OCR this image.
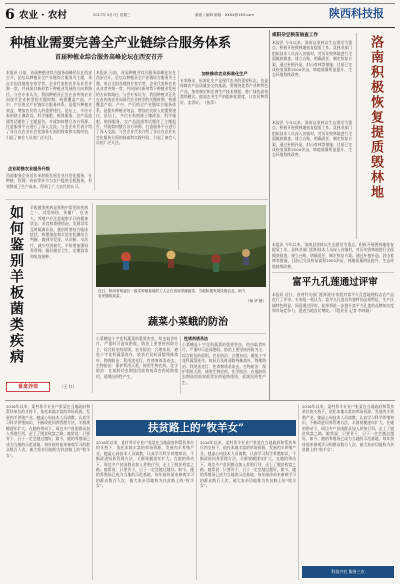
6 农业 · 农村	2017年 5月7日 星期三	版面 / 编辑 邮箱：XXXX@163.com	陕西科技报
种植业需要完善全产业链综合服务体系
首届种植业综合服务高峰论坛在西安召开
本报讯 日前，首届种植业综合服务高峰论坛在西安召开。论坛以种植业全产业链综合服务为主题，来自全国各地的专家学者、企业代表和农业从业者齐聚一堂，共同探讨新形势下种植业发展的方向和路径。与会专家认为，我国种植业正处在由传统农业向现代农业转型的关键时期，构建覆盖产前、产中、产后的全产业链综合服务体系，是提升种植业效益、增加农民收入的重要途径。论坛上，多位专家围绕土壤改良、科学施肥、植保服务、农产品流通等话题作了主题报告，并就如何整合各方资源、打造服务平台进行了深入交流。与会企业代表介绍了各自在农业社会化服务方面的探索和实践经验，引起了参会人员的广泛关注。
本报讯 日前，首届种植业综合服务高峰论坛在西安召开。论坛以种植业全产业链综合服务为主题，来自全国各地的专家学者、企业代表和农业从业者齐聚一堂，共同探讨新形势下种植业发展的方向和路径。与会专家认为，我国种植业正处在由传统农业向现代农业转型的关键时期，构建覆盖产前、产中、产后的全产业链综合服务体系，是提升种植业效益、增加农民收入的重要途径。论坛上，多位专家围绕土壤改良、科学施肥、植保服务、农产品流通等话题作了主题报告，并就如何整合各方资源、打造服务平台进行了深入交流。与会企业代表介绍了各自在农业社会化服务方面的探索和实践经验，引起了参会人员的广泛关注。
加快推动农业标准化生产
专家指出，标准化生产是现代农业的重要标志，也是保障农产品质量安全的基础。要围绕优势产业和特色产品，加快制定和完善生产技术规程，推广绿色高效栽培模式，提高农业生产的组织化程度，让农民种得好、卖得好。（张萍）
企业助推农业服务升级
西部服务企业近年来积极发展农业社会化服务，在种植、管理、收获等环节为农户提供全程服务，有效降低了生产成本，得到了广大农民的认可。
如何鉴别羊板菌类疾病 羊板菌类疾病是养殖中常见的疾病之一，其发病快、传播广、危害大。养殖户应注意观察羊只的精神状态、采食和粪便情况，发现异常及时隔离诊治。鉴别时要结合临床症状、病理剖检和实验室检测综合判断，做到早发现、早诊断、早治疗，减少经济损失。平时要加强饲养管理，搞好圈舍卫生，定期消毒和免疫接种。
畜禽养殖	（王 红）
近日，陕西省杨凌区一蔬菜种植基地的工人正在田间采摘蔬菜，当地积极发展设施农业，助力农民增收致富。
（杨 华 摄）
蔬菜小菜蛾的防治
小菜蛾是十字花科蔬菜的重要害虫，幼虫取食叶片，严重时可造成绝收。防治上要坚持预防为主、综合防治的原则。农业防治：合理布局，避免十字花科蔬菜连作，收获后及时清除残株落叶。物理防治：利用黑光灯、性诱剂诱杀成虫。生物防治：保护利用天敌，使用生物农药。化学防治：在低龄幼虫期选用高效低毒农药轮换使用，延缓抗药性产生。
性诱剂诱杀法
小菜蛾是十字花科蔬菜的重要害虫，幼虫取食叶片，严重时可造成绝收。防治上要坚持预防为主、综合防治的原则。农业防治：合理布局，避免十字花科蔬菜连作，收获后及时清除残株落叶。物理防治：利用黑光灯、性诱剂诱杀成虫。生物防治：保护利用天敌，使用生物农药。化学防治：在低龄幼虫期选用高效低毒农药轮换使用，延缓抗药性产生。
咸阳杂豆秧苗抽查工作
本报讯 今年以来，洛南县坚持以生态建设为重点，积极开展毁林地恢复提质工作。县林业部门组织技术人员深入各镇村，对历年毁林地进行全面摸底排查，建立台账，明确责任，制定恢复方案。通过补植补造、封山育林等措施，目前已完成恢复面积2000余亩，林地质量明显提升，生态环境持续改善。	洛南积极恢复提质毁林地
本报讯 今年以来，洛南县坚持以生态建设为重点，积极开展毁林地恢复提质工作。县林业部门组织技术人员深入各镇村，对历年毁林地进行全面摸底排查，建立台账，明确责任，制定恢复方案。通过补植补造、封山育林等措施，目前已完成恢复面积2000余亩，林地质量明显提升，生态环境持续改善。
本报讯 今年以来，洛南县坚持以生态建设为重点，积极开展毁林地恢复提质工作。县林业部门组织技术人员深入各镇村，对历年毁林地进行全面摸底排查，建立台账，明确责任，制定恢复方案。通过补植补造、封山育林等措施，目前已完成恢复面积2000余亩，林地质量明显提升，生态环境持续改善。
富平九孔莲通过评审
本报讯 近日，由省有关部门组织的专家组对富平九孔莲地理标志农产品进行了评审。专家组一致认为，富平九孔莲具有独特的品质特征，生产区域特色明显，同意通过评审。此举将进一步提升富平九孔莲的品牌知名度和市场竞争力，促进当地农民增收。（程亚亚 记者 李林娟）
扶贫路上的“牧羊女”
2016年以来，某村养羊专业户张某在当地政府和帮扶单位的支持下，依托本地丰富的草场资源，发展肉羊养殖产业。她虚心向技术人员请教，认真学习科学养殖知识，不断改进饲养管理方法，羊群规模逐年扩大。在她的带动下，周边多户贫困群众加入养殖行列，走上了脱贫致富之路。她常说：只要肯干，日子一定会越过越好。如今，她的养殖场已成为当地的示范基地，每年接待前来参观学习的群众数百人次，被大家亲切地称为扶贫路上的“牧羊女”。
2016年以来，某村养羊专业户张某在当地政府和帮扶单位的支持下，依托本地丰富的草场资源，发展肉羊养殖产业。她虚心向技术人员请教，认真学习科学养殖知识，不断改进饲养管理方法，羊群规模逐年扩大。在她的带动下，周边多户贫困群众加入养殖行列，走上了脱贫致富之路。她常说：只要肯干，日子一定会越过越好。如今，她的养殖场已成为当地的示范基地，每年接待前来参观学习的群众数百人次，被大家亲切地称为扶贫路上的“牧羊女”。
2016年以来，某村养羊专业户张某在当地政府和帮扶单位的支持下，依托本地丰富的草场资源，发展肉羊养殖产业。她虚心向技术人员请教，认真学习科学养殖知识，不断改进饲养管理方法，羊群规模逐年扩大。在她的带动下，周边多户贫困群众加入养殖行列，走上了脱贫致富之路。她常说：只要肯干，日子一定会越过越好。如今，她的养殖场已成为当地的示范基地，每年接待前来参观学习的群众数百人次，被大家亲切地称为扶贫路上的“牧羊女”。
2016年以来，某村养羊专业户张某在当地政府和帮扶单位的支持下，依托本地丰富的草场资源，发展肉羊养殖产业。她虚心向技术人员请教，认真学习科学养殖知识，不断改进饲养管理方法，羊群规模逐年扩大。在她的带动下，周边多户贫困群众加入养殖行列，走上了脱贫致富之路。她常说：只要肯干，日子一定会越过越好。如今，她的养殖场已成为当地的示范基地，每年接待前来参观学习的群众数百人次，被大家亲切地称为扶贫路上的“牧羊女”。
科技兴农 服务三农
